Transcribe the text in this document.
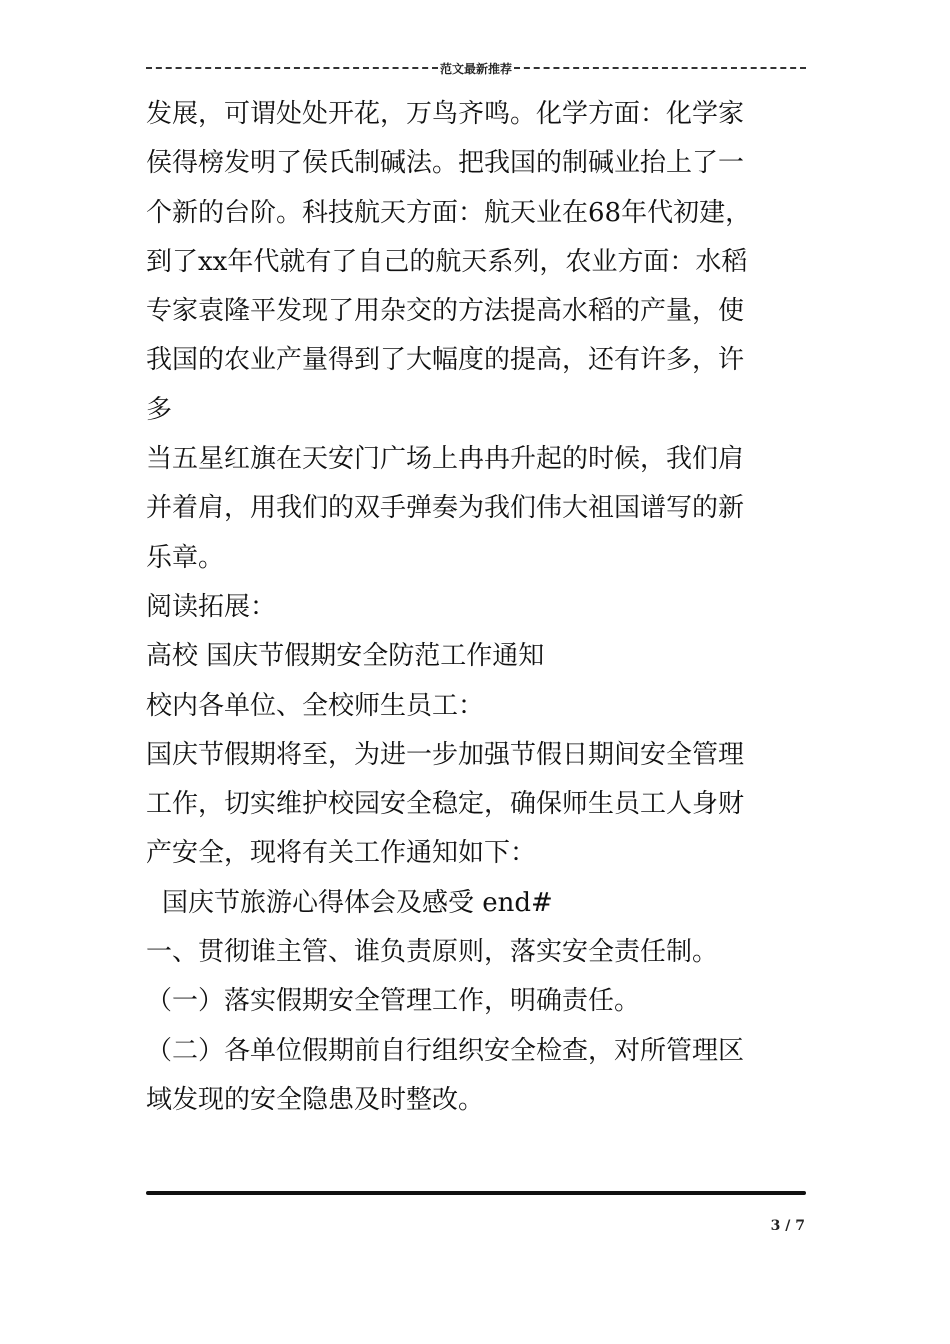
范文最新推荐
发展，可谓处处开花，万鸟齐鸣。化学方面：化学家
侯得榜发明了侯氏制碱法。把我国的制碱业抬上了一
个新的台阶。科技航天方面：航天业在68年代初建，
到了xx年代就有了自己的航天系列，农业方面：水稻
专家袁隆平发现了用杂交的方法提高水稻的产量，使
我国的农业产量得到了大幅度的提高，还有许多，许
多
当五星红旗在天安门广场上冉冉升起的时候，我们肩
并着肩，用我们的双手弹奏为我们伟大祖国谱写的新
乐章。
阅读拓展：
高校 国庆节假期安全防范工作通知
校内各单位、全校师生员工：
国庆节假期将至，为进一步加强节假日期间安全管理
工作，切实维护校园安全稳定，确保师生员工人身财
产安全，现将有关工作通知如下：
国庆节旅游心得体会及感受 end#
一、贯彻谁主管、谁负责原则，落实安全责任制。
（一）落实假期安全管理工作，明确责任。
（二）各单位假期前自行组织安全检查，对所管理区
域发现的安全隐患及时整改。
3 / 7
